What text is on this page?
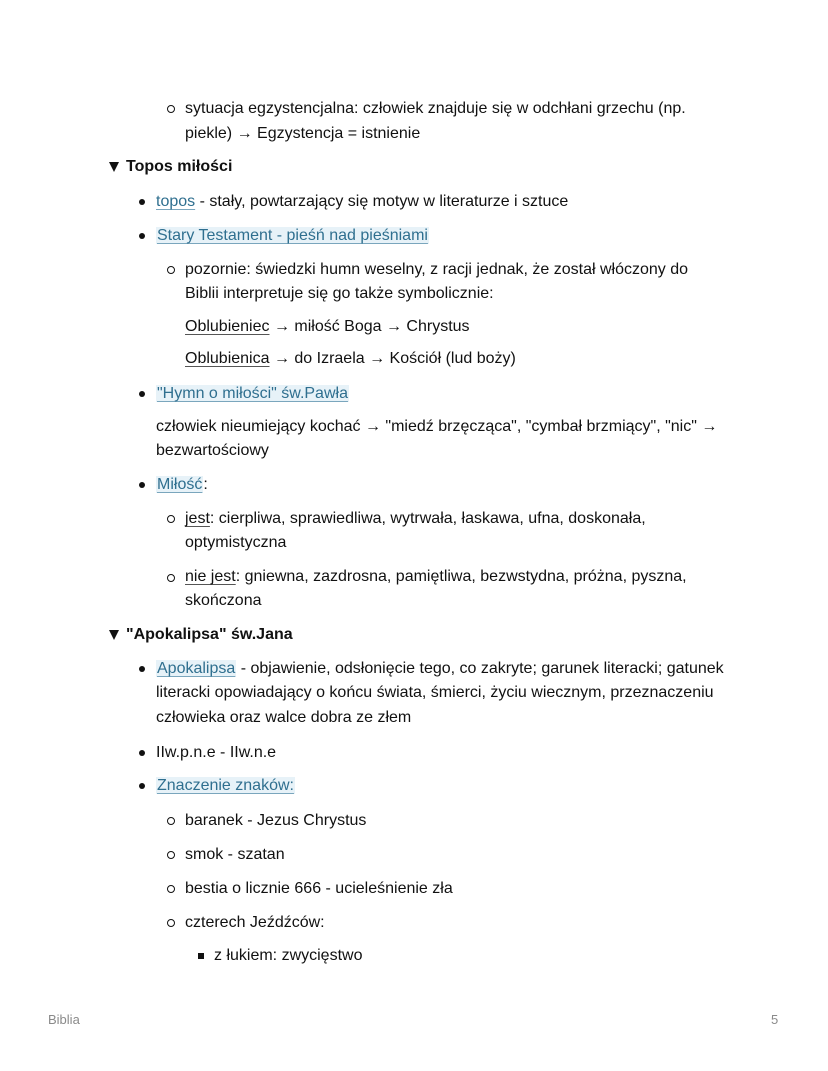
sytuacja egzystencjalna: człowiek znajduje się w odchłani grzechu (np.
piekle) → Egzystencja = istnienie
Topos miłości
topos - stały, powtarzający się motyw w literaturze i sztuce
Stary Testament - pieśń nad pieśniami
pozornie: świedzki humn weselny, z racji jednak, że został włóczony do
Biblii interpretuje się go także symbolicznie:
Oblubieniec → miłość Boga → Chrystus
Oblubienica → do Izraela → Kościół (lud boży)
"Hymn o miłości" św.Pawła
człowiek nieumiejący kochać → "miedź brzęcząca", "cymbał brzmiący", "nic" →
bezwartościowy
Miłość:
jest: cierpliwa, sprawiedliwa, wytrwała, łaskawa, ufna, doskonała,
optymistyczna
nie jest: gniewna, zazdrosna, pamiętliwa, bezwstydna, próżna, pyszna,
skończona
"Apokalipsa" św.Jana
Apokalipsa - objawienie, odsłonięcie tego, co zakryte; garunek literacki; gatunek
literacki opowiadający o końcu świata, śmierci, życiu wiecznym, przeznaczeniu
człowieka oraz walce dobra ze złem
IIw.p.n.e - IIw.n.e
Znaczenie znaków:
baranek - Jezus Chrystus
smok - szatan
bestia o licznie 666 - ucieleśnienie zła
czterech Jeźdźców:
z łukiem: zwycięstwo
Biblia	5
